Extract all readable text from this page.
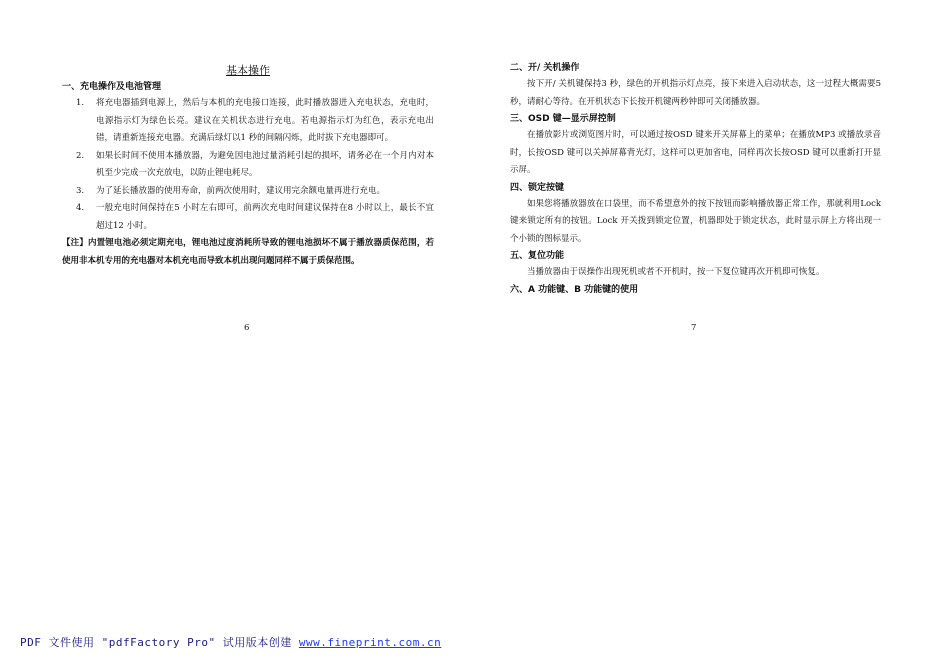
基本操作
一、充电操作及电池管理
1. 将充电器插到电源上，然后与本机的充电接口连接，此时播放器进入充电状态，充电时，电源指示灯为绿色长亮。建议在关机状态进行充电。若电源指示灯为红色，表示充电出错，请重新连接充电器。充满后绿灯以1 秒的间隔闪烁，此时拔下充电器即可。
2. 如果长时间不使用本播放器，为避免因电池过量消耗引起的损坏，请务必在一个月内对本机至少完成一次充放电，以防止锂电耗尽。
3. 为了延长播放器的使用寿命，前两次使用时，建议用完余额电量再进行充电。
4. 一般充电时间保持在5 小时左右即可，前两次充电时间建议保持在8 小时以上，最长不宜超过12 小时。
【注】内置锂电池必须定期充电，锂电池过度消耗所导致的锂电池损坏不属于播放器质保范围，若使用非本机专用的充电器对本机充电而导致本机出现问题同样不属于质保范围。
二、开/ 关机操作
按下开/ 关机键保持3 秒，绿色的开机指示灯点亮，接下来进入启动状态，这一过程大概需要5 秒，请耐心等待。在开机状态下长按开机键两秒钟即可关闭播放器。
三、OSD 键—显示屏控制
在播放影片或浏览图片时，可以通过按OSD 键来开关屏幕上的菜单；在播放MP3 或播放录音时，长按OSD 键可以关掉屏幕背光灯，这样可以更加省电，同样再次长按OSD 键可以重新打开显示屏。
四、锁定按键
如果您将播放器放在口袋里，而不希望意外的按下按钮而影响播放器正常工作，那就利用Lock 键来锁定所有的按钮。Lock 开关拨到锁定位置，机器即处于锁定状态，此时显示屏上方将出现一个小锁的图标显示。
五、复位功能
当播放器由于误操作出现死机或者不开机时，按一下复位键再次开机即可恢复。
六、A 功能键、B 功能键的使用
6	7
PDF 文件使用 "pdfFactory Pro" 试用版本创建 www.fineprint.com.cn
